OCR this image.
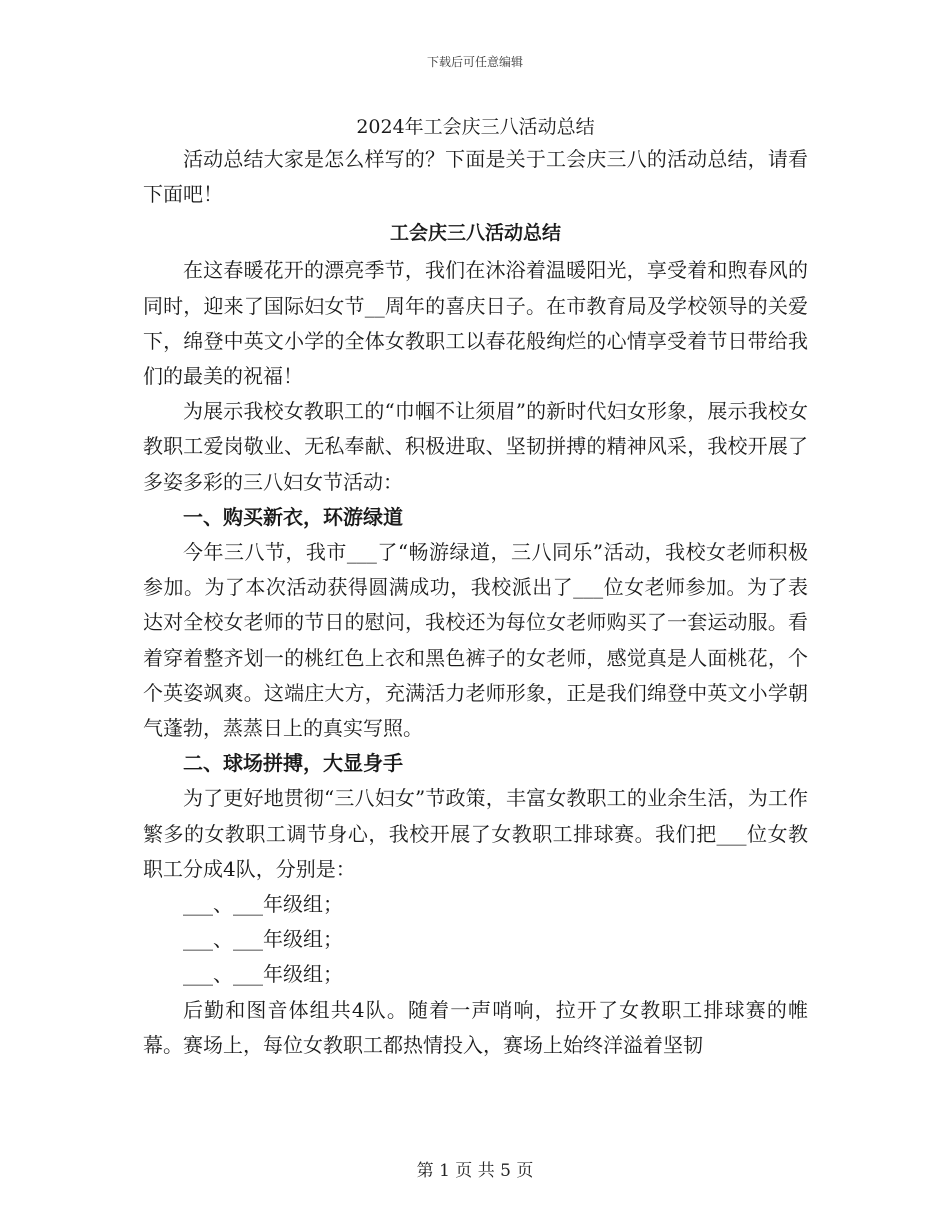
下载后可任意编辑
2024年工会庆三八活动总结

活动总结大家是怎么样写的？下面是关于工会庆三八的活动总结，请看下面吧！

工会庆三八活动总结

在这春暖花开的漂亮季节，我们在沐浴着温暖阳光，享受着和煦春风的同时，迎来了国际妇女节__周年的喜庆日子。在市教育局及学校领导的关爱下，绵登中英文小学的全体女教职工以春花般绚烂的心情享受着节日带给我们的最美的祝福！

为展示我校女教职工的“巾帼不让须眉”的新时代妇女形象，展示我校女教职工爱岗敬业、无私奉献、积极进取、坚韧拼搏的精神风采，我校开展了多姿多彩的三八妇女节活动：

一、购买新衣，环游绿道

今年三八节，我市___了“畅游绿道，三八同乐”活动，我校女老师积极参加。为了本次活动获得圆满成功，我校派出了___位女老师参加。为了表达对全校女老师的节日的慰问，我校还为每位女老师购买了一套运动服。看着穿着整齐划一的桃红色上衣和黑色裤子的女老师，感觉真是人面桃花，个个英姿飒爽。这端庄大方，充满活力老师形象，正是我们绵登中英文小学朝气蓬勃，蒸蒸日上的真实写照。

二、球场拼搏，大显身手

为了更好地贯彻“三八妇女”节政策，丰富女教职工的业余生活，为工作繁多的女教职工调节身心，我校开展了女教职工排球赛。我们把___位女教职工分成4队，分别是：

___、___年级组；

___、___年级组；

___、___年级组；

后勤和图音体组共4队。随着一声哨响，拉开了女教职工排球赛的帷幕。赛场上，每位女教职工都热情投入，赛场上始终洋溢着坚韧

第 1 页 共 5 页
